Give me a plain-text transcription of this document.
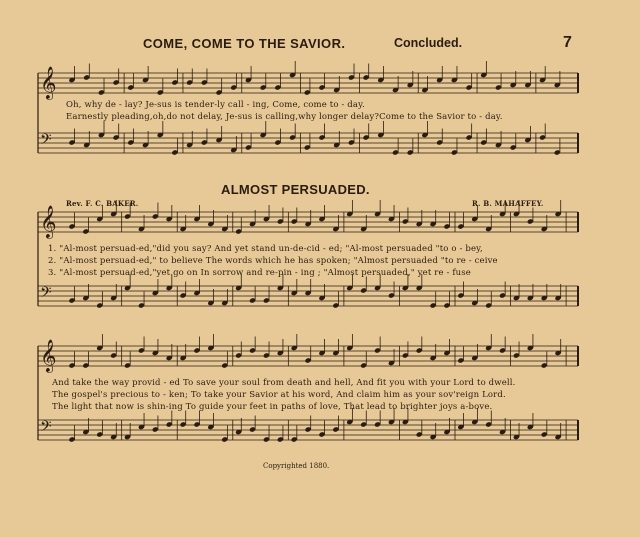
COME, COME TO THE SAVIOR.	Concluded.	7
𝄞
𝄢
𝄞
𝄢
𝄞
𝄢
Oh, why de - lay? Je-sus is tender-ly call - ing, Come, come to - day.
Earnestly pleading,oh,do not delay, Je-sus is calling,why longer delay?Come to the Savior to - day.
ALMOST PERSUADED.
Rev. F. C. BAKER.	R. B. MAHAFFEY.
1. "Al-most persuad-ed,"did you say? And yet stand un-de-cid - ed; "Al-most persuaded "to o - bey,
2. "Al-most persuad-ed," to believe The words which he has spoken; "Almost persuaded "to re - ceive
3. "Al-most persuad-ed,"yet go on In sorrow and re-pin - ing ; "Almost persuaded," yet re - fuse
And take the way provid - ed To save your soul from death and hell, And fit you with your Lord to dwell.
The gospel's precious to - ken; To take your Savior at his word, And claim him as your sov'reign Lord.
The light that now is shin-ing To guide your feet in paths of love, That lead to brighter joys a-bove.
Copyrighted 1880.
